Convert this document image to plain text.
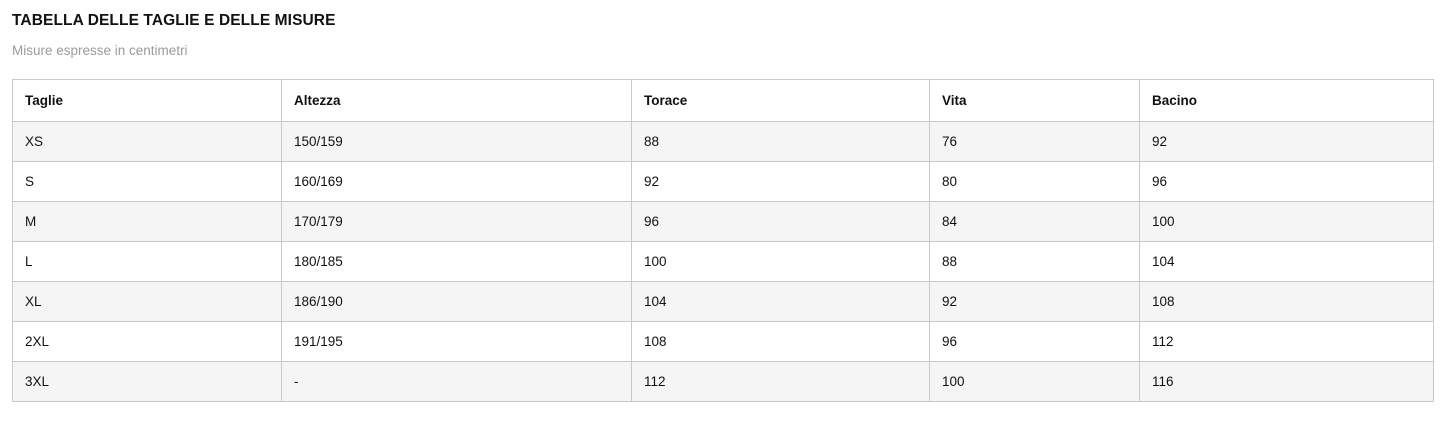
TABELLA DELLE TAGLIE E DELLE MISURE

Misure espresse in centimetri

Taglie	Altezza	Torace	Vita	Bacino
XS	150/159	88	76	92
S	160/169	92	80	96
M	170/179	96	84	100
L	180/185	100	88	104
XL	186/190	104	92	108
2XL	191/195	108	96	112
3XL	-	112	100	116
